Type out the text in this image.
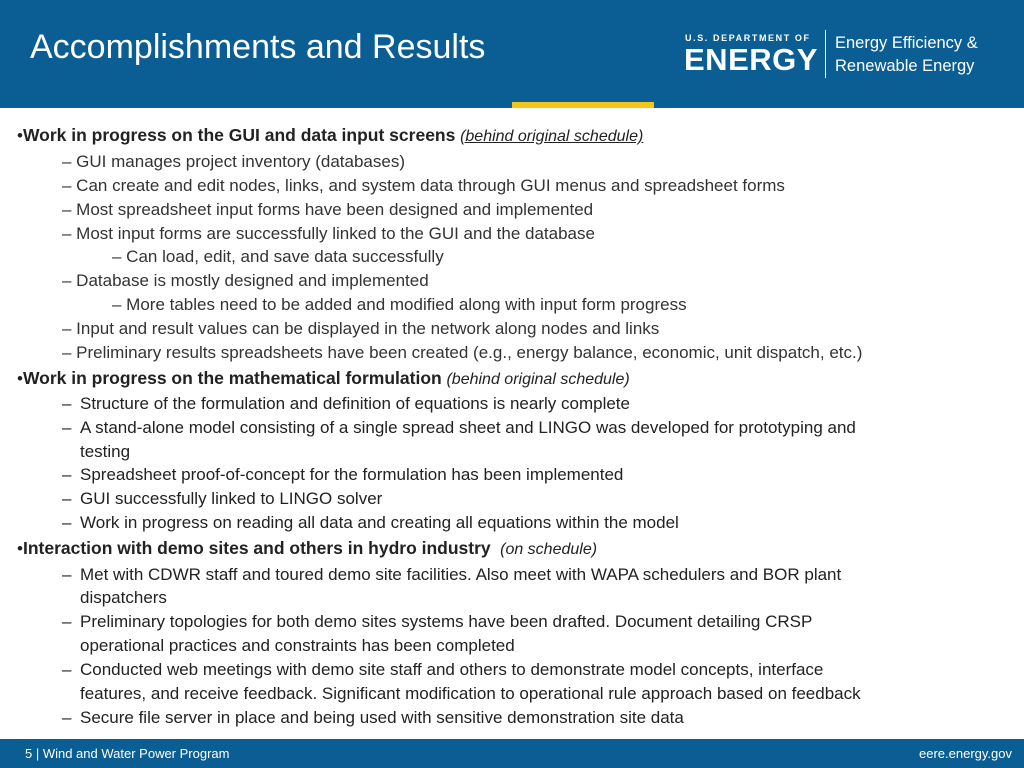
Accomplishments and Results	U.S. DEPARTMENT OF
ENERGY Energy Efficiency &
Renewable Energy
•Work in progress on the GUI and data input screens (behind original schedule)
– GUI manages project inventory (databases)
– Can create and edit nodes, links, and system data through GUI menus and spreadsheet forms
– Most spreadsheet input forms have been designed and implemented
– Most input forms are successfully linked to the GUI and the database
– Can load, edit, and save data successfully
– Database is mostly designed and implemented
– More tables need to be added and modified along with input form progress
– Input and result values can be displayed in the network along nodes and links
– Preliminary results spreadsheets have been created (e.g., energy balance, economic, unit dispatch, etc.)
•Work in progress on the mathematical formulation (behind original schedule)
– Structure of the formulation and definition of equations is nearly complete
– A stand-alone model consisting of a single spread sheet and LINGO was developed for prototyping and
testing
– Spreadsheet proof-of-concept for the formulation has been implemented
– GUI successfully linked to LINGO solver
– Work in progress on reading all data and creating all equations within the model
•Interaction with demo sites and others in hydro industry (on schedule)
– Met with CDWR staff and toured demo site facilities. Also meet with WAPA schedulers and BOR plant
dispatchers
– Preliminary topologies for both demo sites systems have been drafted. Document detailing CRSP
operational practices and constraints has been completed
– Conducted web meetings with demo site staff and others to demonstrate model concepts, interface
features, and receive feedback. Significant modification to operational rule approach based on feedback
– Secure file server in place and being used with sensitive demonstration site data
5 | Wind and Water Power Program	eere.energy.gov
